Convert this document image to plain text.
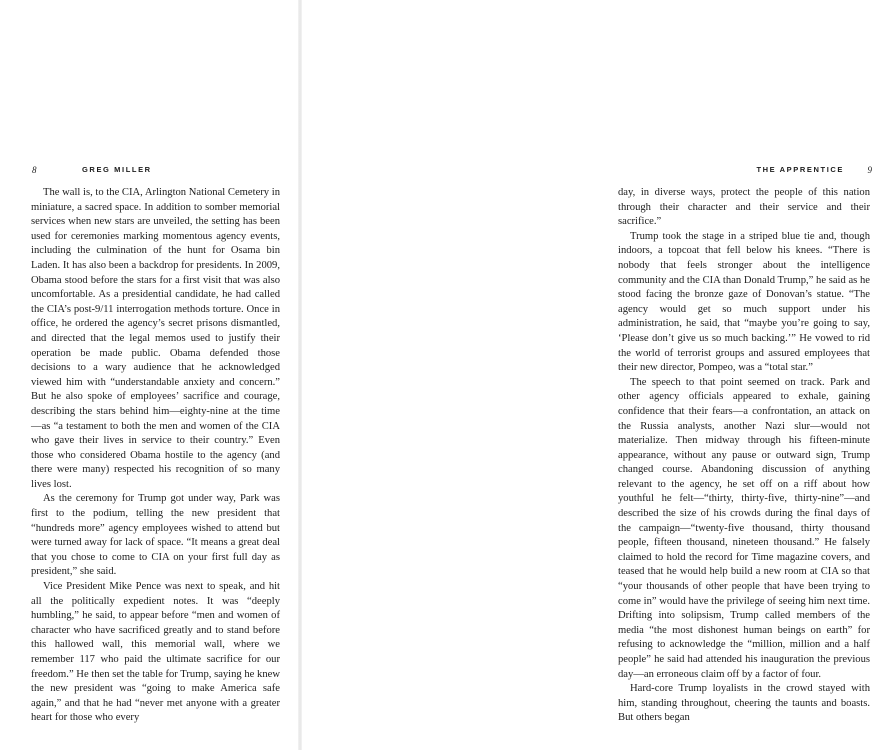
8	GREG MILLER

The wall is, to the CIA, Arlington National Cemetery in miniature, a sacred space. In addition to somber memorial services when new stars are unveiled, the setting has been used for ceremonies marking momentous agency events, including the culmination of the hunt for Osama bin Laden. It has also been a backdrop for presidents. In 2009, Obama stood before the stars for a first visit that was also uncomfortable. As a presidential candidate, he had called the CIA’s post-9/11 interrogation methods torture. Once in office, he ordered the agency’s secret prisons dismantled, and directed that the legal memos used to justify their operation be made public. Obama defended those decisions to a wary audience that he acknowledged viewed him with “understandable anxiety and concern.” But he also spoke of employees’ sacrifice and courage, describing the stars behind him—eighty-nine at the time—as “a testament to both the men and women of the CIA who gave their lives in service to their country.” Even those who considered Obama hostile to the agency (and there were many) respected his recognition of so many lives lost.

As the ceremony for Trump got under way, Park was first to the podium, telling the new president that “hundreds more” agency employees wished to attend but were turned away for lack of space. “It means a great deal that you chose to come to CIA on your first full day as president,” she said.

Vice President Mike Pence was next to speak, and hit all the politically expedient notes. It was “deeply humbling,” he said, to appear before “men and women of character who have sacrificed greatly and to stand before this hallowed wall, this memorial wall, where we remember 117 who paid the ultimate sacrifice for our freedom.” He then set the table for Trump, saying he knew the new president was “going to make America safe again,” and that he had “never met anyone with a greater heart for those who every

THE APPRENTICE	9

day, in diverse ways, protect the people of this nation through their character and their service and their sacrifice.”

Trump took the stage in a striped blue tie and, though indoors, a topcoat that fell below his knees. “There is nobody that feels stronger about the intelligence community and the CIA than Donald Trump,” he said as he stood facing the bronze gaze of Donovan’s statue. “The agency would get so much support under his administration, he said, that “maybe you’re going to say, ‘Please don’t give us so much backing.’” He vowed to rid the world of terrorist groups and assured employees that their new director, Pompeo, was a “total star.”

The speech to that point seemed on track. Park and other agency officials appeared to exhale, gaining confidence that their fears—a confrontation, an attack on the Russia analysts, another Nazi slur—would not materialize. Then midway through his fifteen-minute appearance, without any pause or outward sign, Trump changed course. Abandoning discussion of anything relevant to the agency, he set off on a riff about how youthful he felt—“thirty, thirty-five, thirty-nine”—and described the size of his crowds during the final days of the campaign—“twenty-five thousand, thirty thousand people, fifteen thousand, nineteen thousand.” He falsely claimed to hold the record for Time magazine covers, and teased that he would help build a new room at CIA so that “your thousands of other people that have been trying to come in” would have the privilege of seeing him next time. Drifting into solipsism, Trump called members of the media “the most dishonest human beings on earth” for refusing to acknowledge the “million, million and a half people” he said had attended his inauguration the previous day—an erroneous claim off by a factor of four.

Hard-core Trump loyalists in the crowd stayed with him, standing throughout, cheering the taunts and boasts. But others began
